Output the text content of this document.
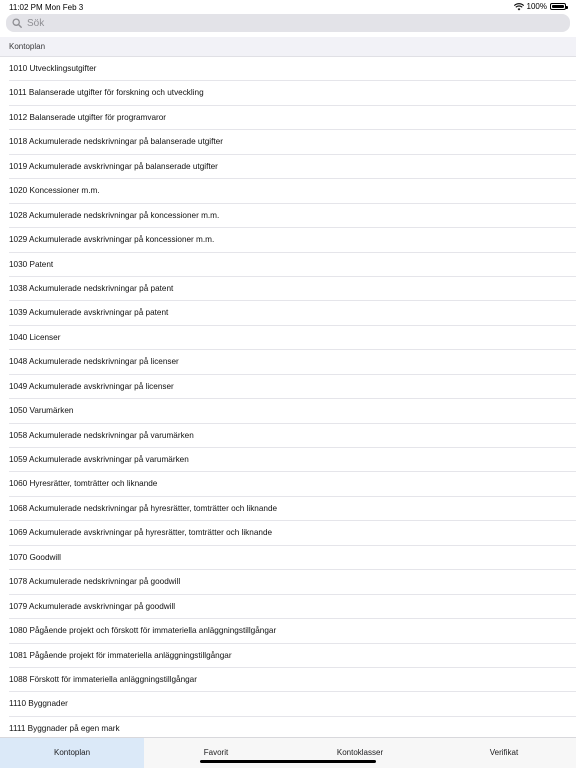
11:02 PM Mon Feb 3	100%
Sök
Kontoplan
1010 Utvecklingsutgifter
1011 Balanserade utgifter för forskning och utveckling
1012 Balanserade utgifter för programvaror
1018 Ackumulerade nedskrivningar på balanserade utgifter
1019 Ackumulerade avskrivningar på balanserade utgifter
1020 Koncessioner m.m.
1028 Ackumulerade nedskrivningar på koncessioner m.m.
1029 Ackumulerade avskrivningar på koncessioner m.m.
1030 Patent
1038 Ackumulerade nedskrivningar på patent
1039 Ackumulerade avskrivningar på patent
1040 Licenser
1048 Ackumulerade nedskrivningar på licenser
1049 Ackumulerade avskrivningar på licenser
1050 Varumärken
1058 Ackumulerade nedskrivningar på varumärken
1059 Ackumulerade avskrivningar på varumärken
1060 Hyresrätter, tomträtter och liknande
1068 Ackumulerade nedskrivningar på hyresrätter, tomträtter och liknande
1069 Ackumulerade avskrivningar på hyresrätter, tomträtter och liknande
1070 Goodwill
1078 Ackumulerade nedskrivningar på goodwill
1079 Ackumulerade avskrivningar på goodwill
1080 Pågående projekt och förskott för immateriella anläggningstillgångar
1081 Pågående projekt för immateriella anläggningstillgångar
1088 Förskott för immateriella anläggningstillgångar
1110 Byggnader
1111 Byggnader på egen mark
Kontoplan	Favorit	Kontoklasser	Verifikat
